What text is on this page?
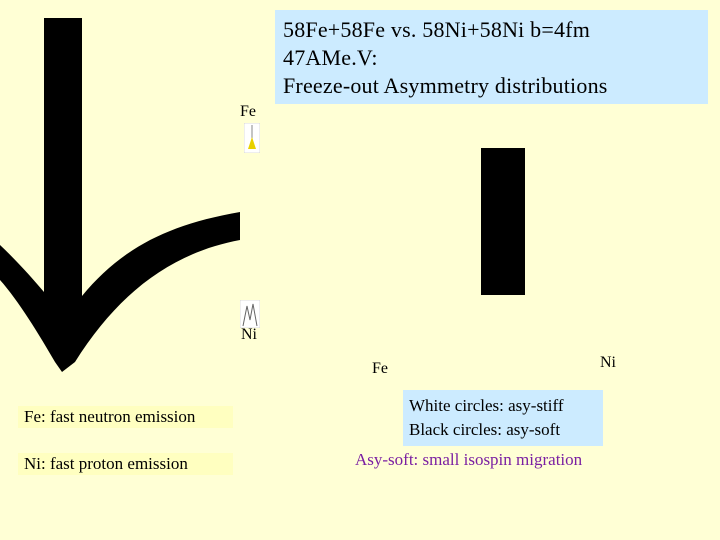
Fe
Ni
58Fe+58Fe vs. 58Ni+58Ni b=4fm
47AMe.V:
Freeze-out Asymmetry distributions
Fe	Ni
Fe: fast neutron emission
Ni: fast proton emission
White circles: asy-stiff
Black circles: asy-soft
Asy-soft: small isospin migration
